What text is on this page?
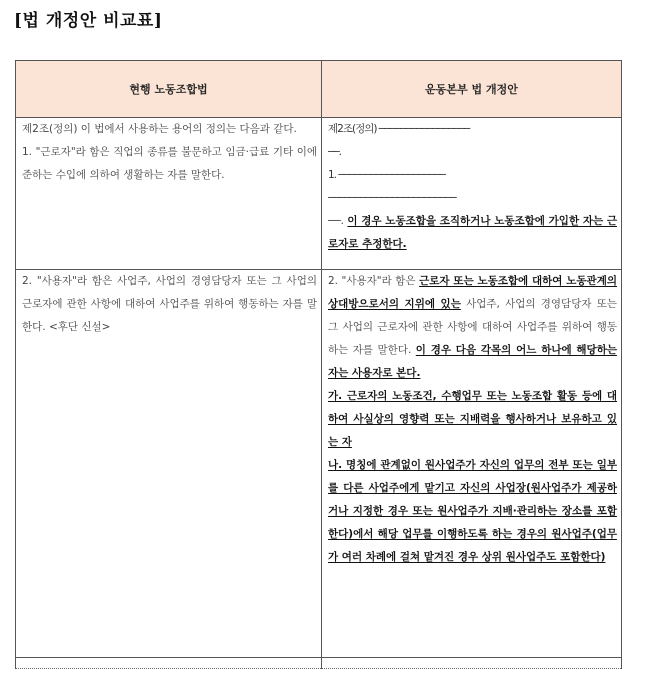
[법 개정안 비교표]
현행 노동조합법	운동본부 법 개정안
제2조(정의) 이 법에서 사용하는 용어의 정의는 다음과 같다.
1. "근로자"라 함은 직업의 종류를 불문하고 임금·급료 기타 이에 준하는 수입에 의하여 생활하는 자를 말한다.	제2조(정의) ─────────────────
──.
1. ────────────────────
────────────────────────
──. 이 경우 노동조합을 조직하거나 노동조합에 가입한 자는 근로자로 추정한다.
2. "사용자"라 함은 사업주, 사업의 경영담당자 또는 그 사업의 근로자에 관한 사항에 대하여 사업주를 위하여 행동하는 자를 말한다. <후단 신설>	2. "사용자"라 함은 근로자 또는 노동조합에 대하여 노동관계의 상대방으로서의 지위에 있는 사업주, 사업의 경영담당자 또는 그 사업의 근로자에 관한 사항에 대하여 사업주를 위하여 행동하는 자를 말한다. 이 경우 다음 각목의 어느 하나에 해당하는 자는 사용자로 본다.
가. 근로자의 노동조건, 수행업무 또는 노동조합 활동 등에 대하여 사실상의 영향력 또는 지배력을 행사하거나 보유하고 있는 자
나. 명칭에 관계없이 원사업주가 자신의 업무의 전부 또는 일부를 다른 사업주에게 맡기고 자신의 사업장(원사업주가 제공하거나 지정한 경우 또는 원사업주가 지배·관리하는 장소를 포함한다)에서 해당 업무를 이행하도록 하는 경우의 원사업주(업무가 여러 차례에 걸쳐 맡겨진 경우 상위 원사업주도 포함한다)
